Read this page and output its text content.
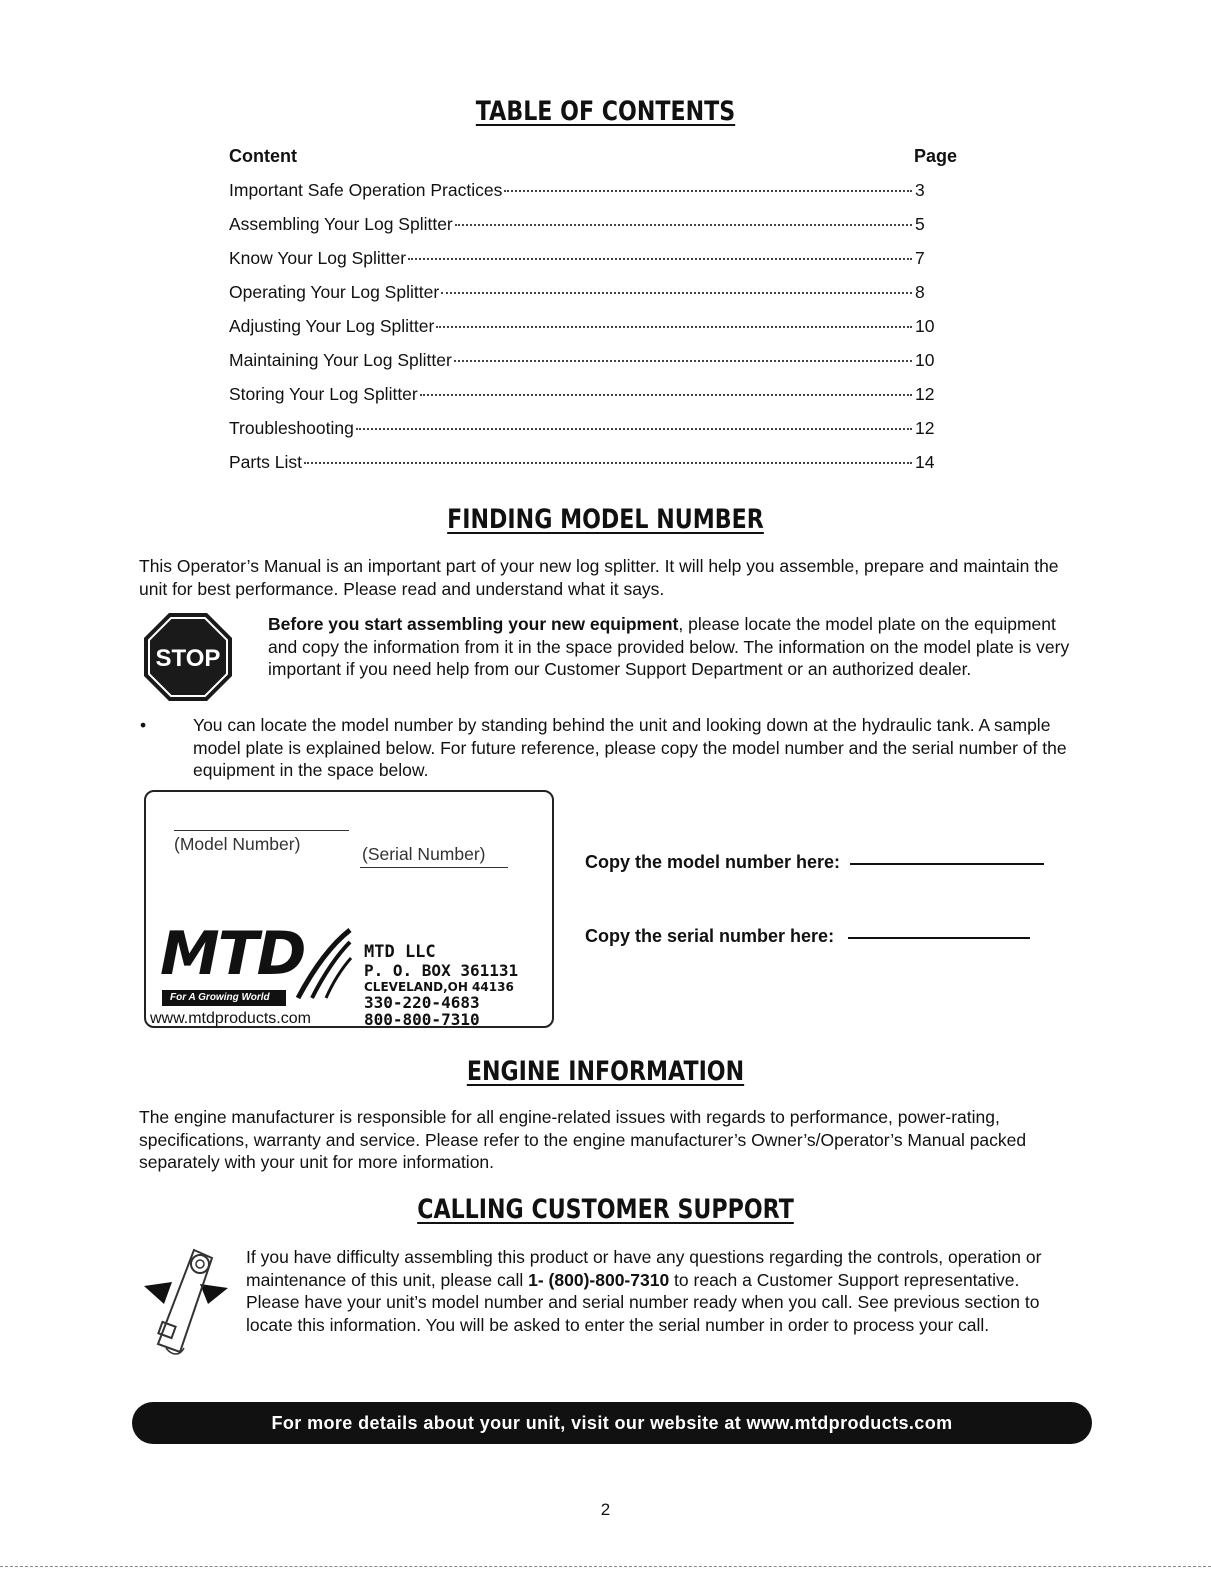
TABLE OF CONTENTS
Content	Page
Important Safe Operation Practices	3
Assembling Your Log Splitter	5
Know Your Log Splitter	7
Operating Your Log Splitter	8
Adjusting Your Log Splitter	10
Maintaining Your Log Splitter	10
Storing Your Log Splitter	12
Troubleshooting	12
Parts List	14
FINDING MODEL NUMBER

This Operator’s Manual is an important part of your new log splitter. It will help you assemble, prepare and maintain the unit for best performance. Please read and understand what it says.

STOP

Before you start assembling your new equipment, please locate the model plate on the equipment and copy the information from it in the space provided below. The information on the model plate is very important if you need help from our Customer Support Department or an authorized dealer.

•	You can locate the model number by standing behind the unit and looking down at the hydraulic tank. A sample model plate is explained below. For future reference, please copy the model number and the serial number of the equipment in the space below.

(Model Number)	(Serial Number)
MTD
For A Growing World
MTD LLC
P. O. BOX 361131
CLEVELAND,OH 44136
330-220-4683
800-800-7310
www.mtdproducts.com
Copy the model number here:
Copy the serial number here:
ENGINE INFORMATION

The engine manufacturer is responsible for all engine-related issues with regards to performance, power-rating, specifications, warranty and service. Please refer to the engine manufacturer’s Owner’s/Operator’s Manual packed separately with your unit for more information.

CALLING CUSTOMER SUPPORT

If you have difficulty assembling this product or have any questions regarding the controls, operation or maintenance of this unit, please call 1- (800)-800-7310 to reach a Customer Support representative. Please have your unit’s model number and serial number ready when you call. See previous section to locate this information. You will be asked to enter the serial number in order to process your call.

For more details about your unit, visit our website at www.mtdproducts.com
2
